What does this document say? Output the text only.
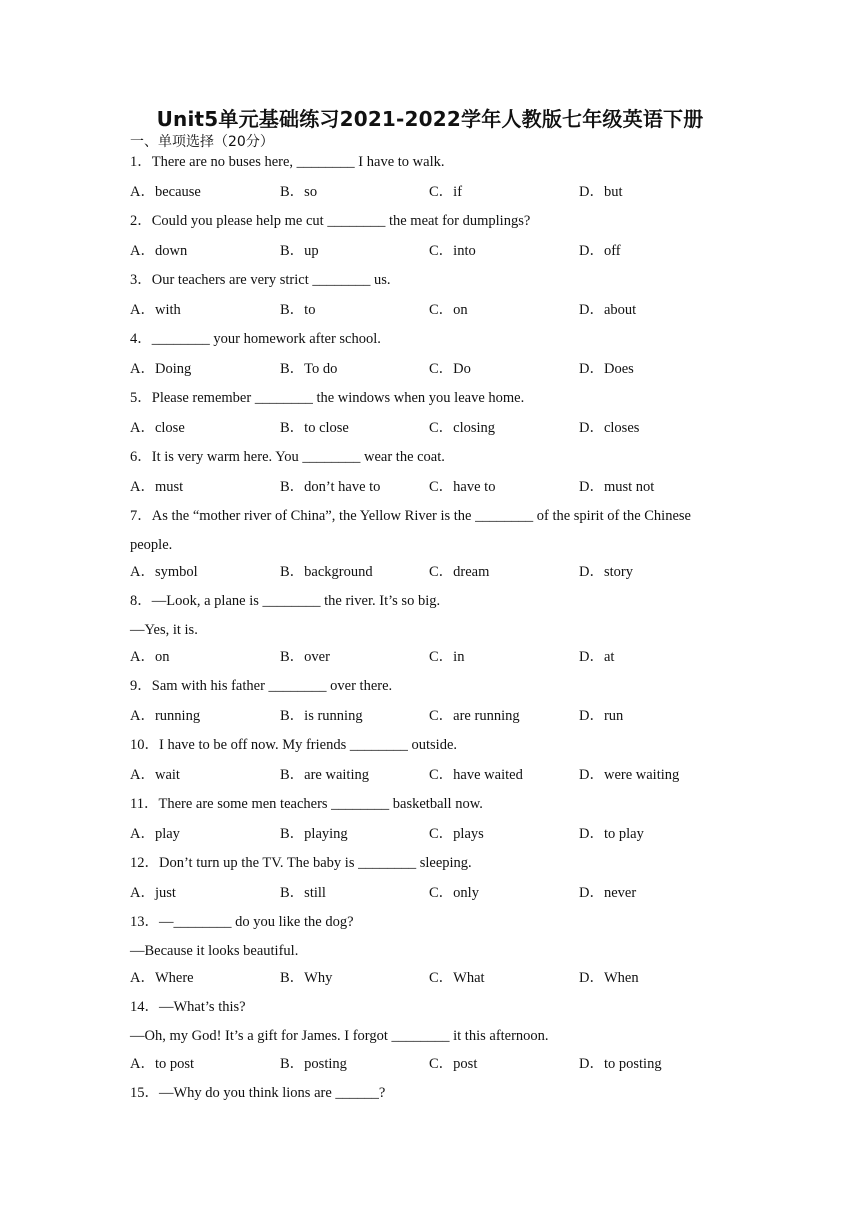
Unit5单元基础练习2021-2022学年人教版七年级英语下册
一、单项选择（20分）
1．There are no buses here, ________ I have to walk.
A．because	B．so	C．if	D．but
2．Could you please help me cut ________ the meat for dumplings?
A．down	B．up	C．into	D．off
3．Our teachers are very strict ________ us.
A．with	B．to	C．on	D．about
4．________ your homework after school.
A．Doing	B．To do	C．Do	D．Does
5．Please remember ________ the windows when you leave home.
A．close	B．to close	C．closing	D．closes
6．It is very warm here. You ________ wear the coat.
A．must	B．don’t have to	C．have to	D．must not
7．As the “mother river of China”, the Yellow River is the ________ of the spirit of the Chinese
people.
A．symbol	B．background	C．dream	D．story
8．—Look, a plane is ________ the river. It’s so big.
—Yes, it is.
A．on	B．over	C．in	D．at
9．Sam with his father ________ over there.
A．running	B．is running	C．are running	D．run
10．I have to be off now. My friends ________ outside.
A．wait	B．are waiting	C．have waited	D．were waiting
11．There are some men teachers ________ basketball now.
A．play	B．playing	C．plays	D．to play
12．Don’t turn up the TV. The baby is ________ sleeping.
A．just	B．still	C．only	D．never
13．—________ do you like the dog?
—Because it looks beautiful.
A．Where	B．Why	C．What	D．When
14．—What’s this?
—Oh, my God! It’s a gift for James. I forgot ________ it this afternoon.
A．to post	B．posting	C．post	D．to posting
15．—Why do you think lions are ______?
